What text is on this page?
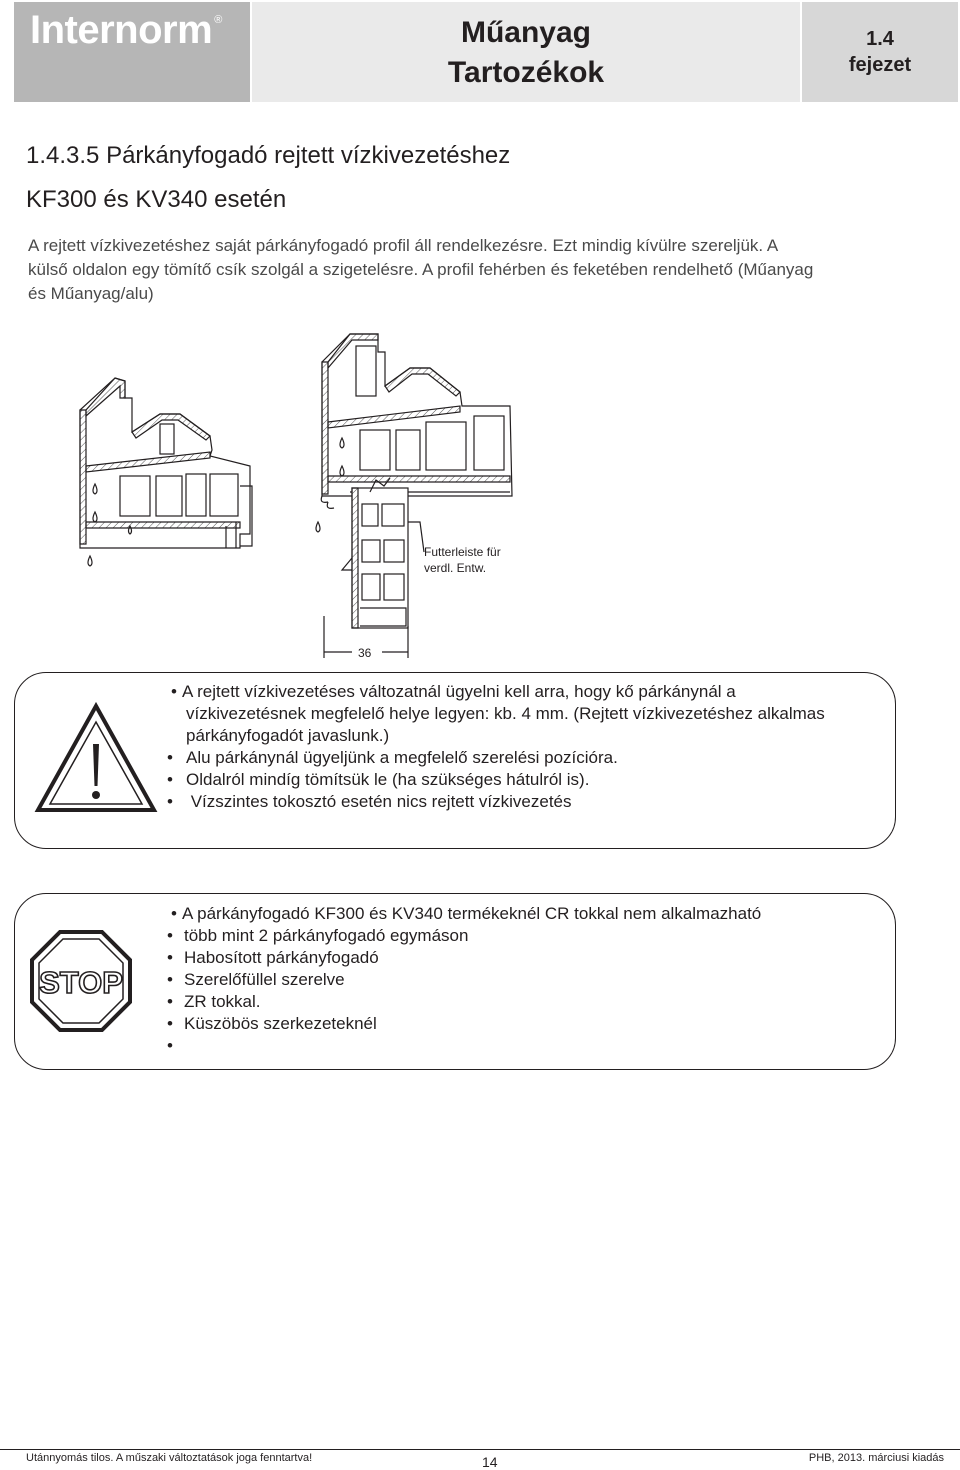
Internorm ®	Műanyag
Tartozékok
1.4
fejezet
1.4.3.5 Párkányfogadó rejtett vízkivezetéshez
KF300 és KV340 esetén
A rejtett vízkivezetéshez saját párkányfogadó profil áll rendelkezésre. Ezt mindig kívülre szereljük. A
külső oldalon egy tömítő csík szolgál a szigetelésre. A profil fehérben és feketében rendelhető (Műanyag
és Műanyag/alu)
Futterleiste für
verdl. Entw.
36
• A rejtett vízkivezetéses változatnál ügyelni kell arra, hogy kő párkánynál a
vízkivezetésnek megfelelő helye legyen: kb. 4 mm. (Rejtett vízkivezetéshez alkalmas
párkányfogadót javaslunk.)
• Alu párkánynál ügyeljünk a megfelelő szerelési pozícióra.
• Oldalról mindíg tömítsük le (ha szükséges hátulról is).
• Vízszintes tokosztó esetén nics rejtett vízkivezetés
STOP
• A párkányfogadó KF300 és KV340 termékeknél CR tokkal nem alkalmazható
• több mint 2 párkányfogadó egymáson
• Habosított párkányfogadó
• Szerelőfüllel szerelve
• ZR tokkal.
• Küszöbös szerkezeteknél
•
Utánnyomás tilos. A műszaki változtatások joga fenntartva!	14	PHB, 2013. márciusi kiadás
